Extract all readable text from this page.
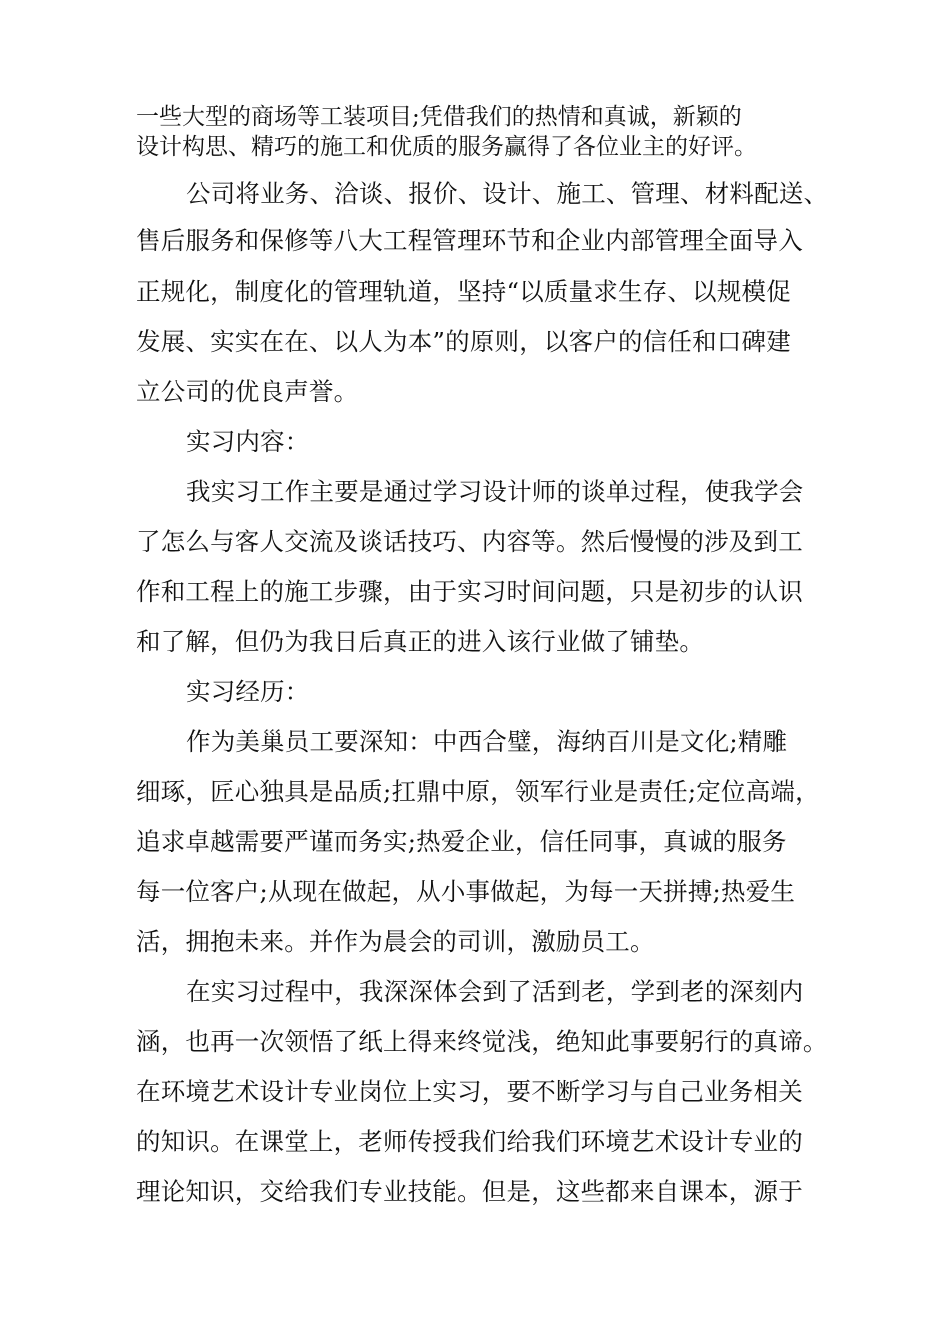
一些大型的商场等工装项目;凭借我们的热情和真诚，新颖的
设计构思、精巧的施工和优质的服务赢得了各位业主的好评。
公司将业务、洽谈、报价、设计、施工、管理、材料配送、
售后服务和保修等八大工程管理环节和企业内部管理全面导入
正规化，制度化的管理轨道，坚持“以质量求生存、以规模促
发展、实实在在、以人为本”的原则，以客户的信任和口碑建
立公司的优良声誉。
实习内容：
我实习工作主要是通过学习设计师的谈单过程，使我学会
了怎么与客人交流及谈话技巧、内容等。然后慢慢的涉及到工
作和工程上的施工步骤，由于实习时间问题，只是初步的认识
和了解，但仍为我日后真正的进入该行业做了铺垫。
实习经历：
作为美巢员工要深知：中西合璧，海纳百川是文化;精雕
细琢，匠心独具是品质;扛鼎中原，领军行业是责任;定位高端，
追求卓越需要严谨而务实;热爱企业，信任同事，真诚的服务
每一位客户;从现在做起，从小事做起，为每一天拼搏;热爱生
活，拥抱未来。并作为晨会的司训，激励员工。
在实习过程中，我深深体会到了活到老，学到老的深刻内
涵，也再一次领悟了纸上得来终觉浅，绝知此事要躬行的真谛。
在环境艺术设计专业岗位上实习，要不断学习与自己业务相关
的知识。在课堂上，老师传授我们给我们环境艺术设计专业的
理论知识，交给我们专业技能。但是，这些都来自课本，源于
